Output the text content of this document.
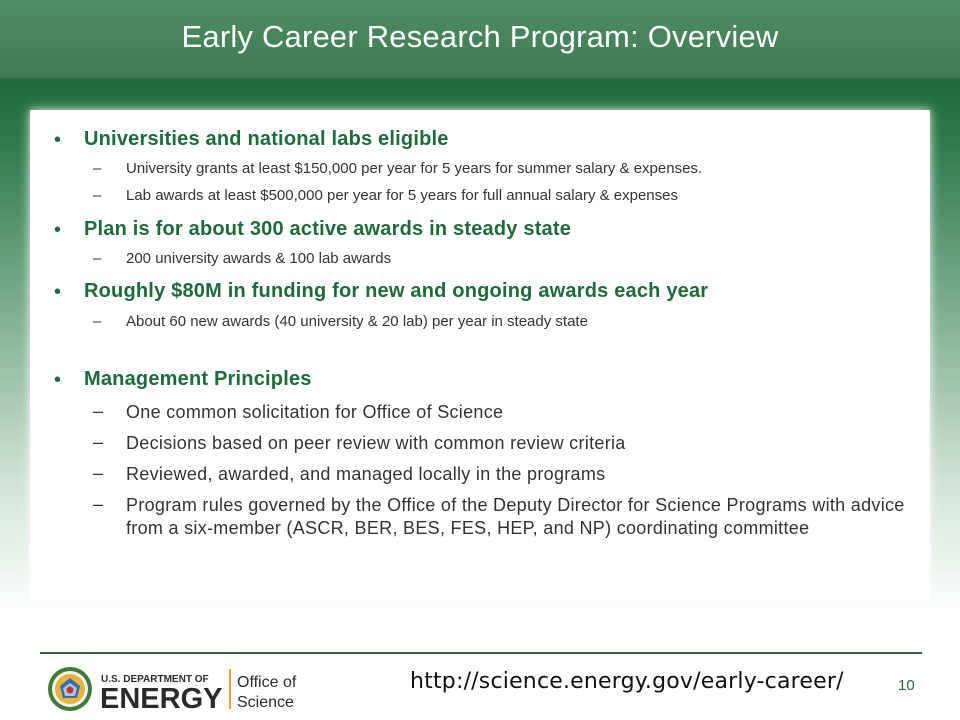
Early Career Research Program: Overview
• Universities and national labs eligible
– University grants at least $150,000 per year for 5 years for summer salary & expenses.
– Lab awards at least $500,000 per year for 5 years for full annual salary & expenses
• Plan is for about 300 active awards in steady state
– 200 university awards & 100 lab awards
• Roughly $80M in funding for new and ongoing awards each year
– About 60 new awards (40 university & 20 lab) per year in steady state
• Management Principles
– One common solicitation for Office of Science
– Decisions based on peer review with common review criteria
– Reviewed, awarded, and managed locally in the programs
– Program rules governed by the Office of the Deputy Director for Science Programs with advice from a six-member (ASCR, BER, BES, FES, HEP, and NP) coordinating committee
U.S. DEPARTMENT OF
ENERGY
Office of
Science
http://science.energy.gov/early-career/	10
